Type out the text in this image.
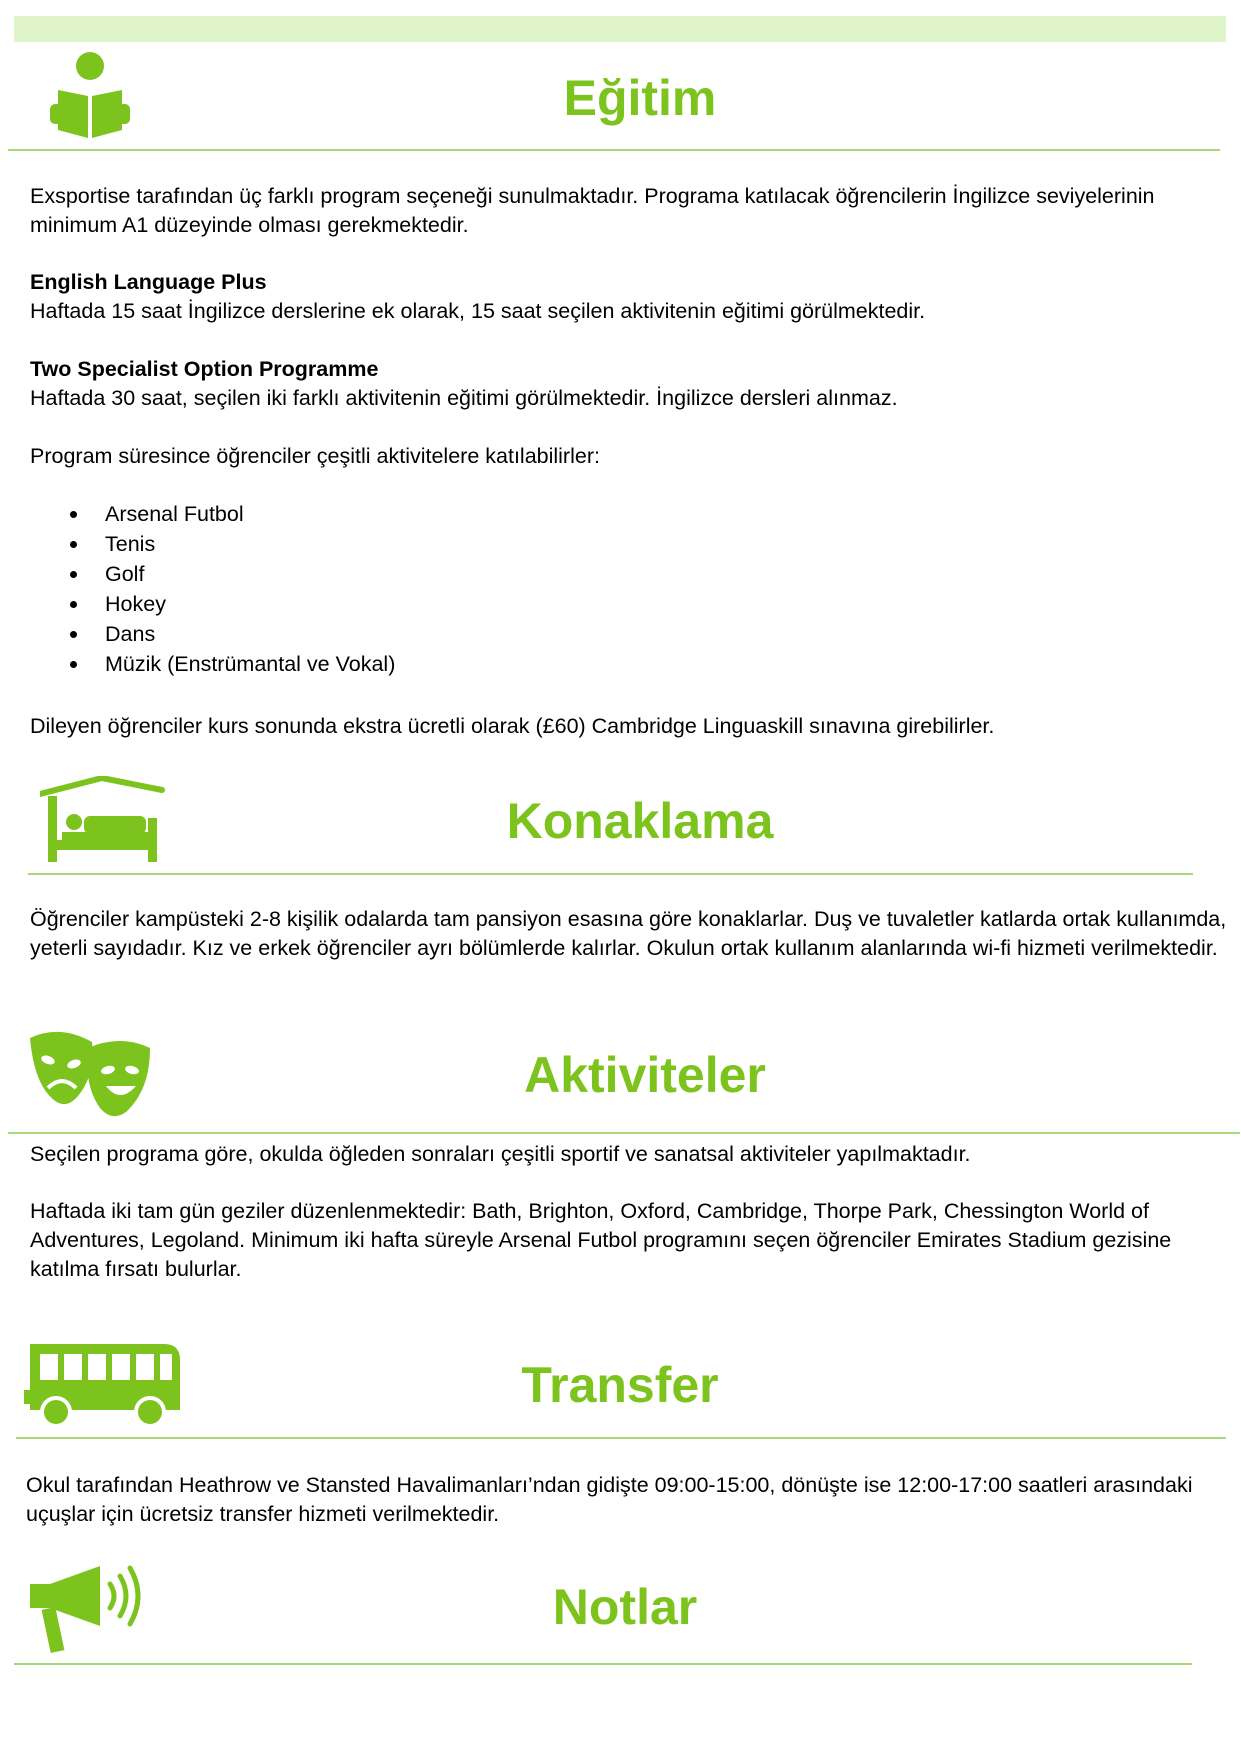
Eğitim

Exsportise tarafından üç farklı program seçeneği sunulmaktadır. Programa katılacak öğrencilerin İngilizce seviyelerinin minimum A1 düzeyinde olması gerekmektedir.

English Language Plus

Haftada 15 saat İngilizce derslerine ek olarak, 15 saat seçilen aktivitenin eğitimi görülmektedir.

Two Specialist Option Programme

Haftada 30 saat, seçilen iki farklı aktivitenin eğitimi görülmektedir. İngilizce dersleri alınmaz.

Program süresince öğrenciler çeşitli aktivitelere katılabilirler:

Arsenal Futbol
Tenis
Golf
Hokey
Dans
Müzik (Enstrümantal ve Vokal)

Dileyen öğrenciler kurs sonunda ekstra ücretli olarak (£60) Cambridge Linguaskill sınavına girebilirler.

Konaklama

Öğrenciler kampüsteki 2-8 kişilik odalarda tam pansiyon esasına göre konaklarlar. Duş ve tuvaletler katlarda ortak kullanımda, yeterli sayıdadır. Kız ve erkek öğrenciler ayrı bölümlerde kalırlar. Okulun ortak kullanım alanlarında wi-fi hizmeti verilmektedir.

Aktiviteler

Seçilen programa göre, okulda öğleden sonraları çeşitli sportif ve sanatsal aktiviteler yapılmaktadır.

Haftada iki tam gün geziler düzenlenmektedir: Bath, Brighton, Oxford, Cambridge, Thorpe Park, Chessington World of Adventures, Legoland. Minimum iki hafta süreyle Arsenal Futbol programını seçen öğrenciler Emirates Stadium gezisine katılma fırsatı bulurlar.

Transfer

Okul tarafından Heathrow ve Stansted Havalimanları’ndan gidişte 09:00-15:00, dönüşte ise 12:00-17:00 saatleri arasındaki uçuşlar için ücretsiz transfer hizmeti verilmektedir.

Notlar
